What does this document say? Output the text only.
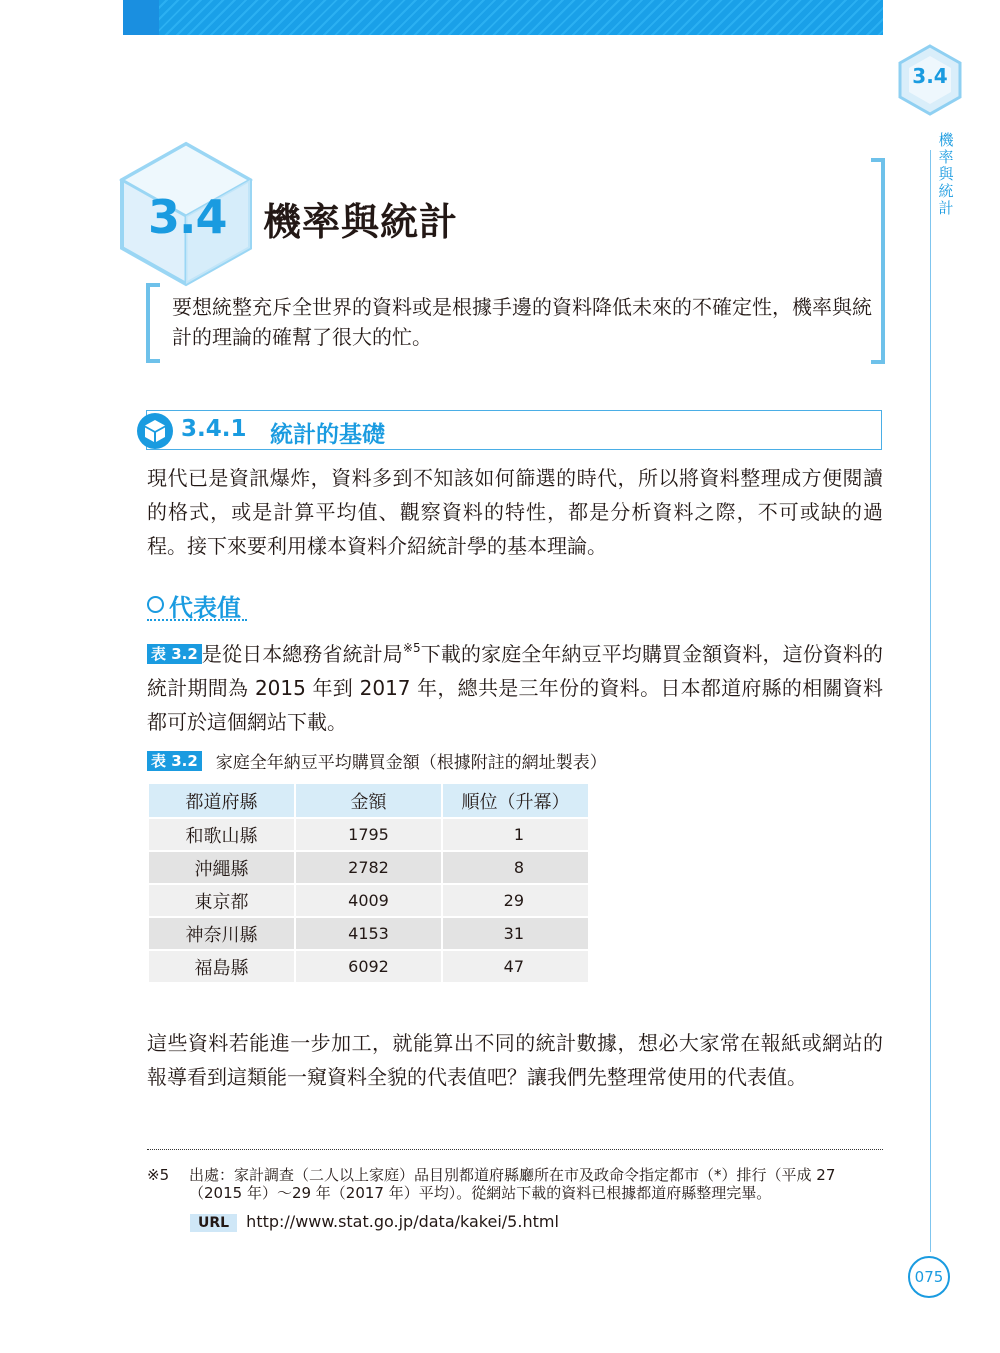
3.4
機
率
與
統
計
075
3.4 機率與統計
要想統整充斥全世界的資料或是根據手邊的資料降低未來的不確定性，機率與統計的理論的確幫了很大的忙。
3.4.1 統計的基礎
現代已是資訊爆炸，資料多到不知該如何篩選的時代，所以將資料整理成方便閱讀的格式，或是計算平均值、觀察資料的特性，都是分析資料之際，不可或缺的過程。接下來要利用樣本資料介紹統計學的基本理論。
代表值
表 3.2 是從日本總務省統計局$^{※5}$下載的家庭全年納豆平均購買金額資料，這份資料的統計期間為 2015 年到 2017 年，總共是三年份的資料。日本都道府縣的相關資料都可於這個網站下載。
表 3.2 家庭全年納豆平均購買金額（根據附註的網址製表）
都道府縣	金額	順位（升冪）
和歌山縣	1795	1
沖繩縣	2782	8
東京都	4009	29
神奈川縣	4153	31
福島縣	6092	47
這些資料若能進一步加工，就能算出不同的統計數據，想必大家常在報紙或網站的報導看到這類能一窺資料全貌的代表值吧？讓我們先整理常使用的代表值。
※5 出處：家計調查（二人以上家庭）品目別都道府縣廳所在市及政命令指定都市（*）排行（平成 27（2015 年）～29 年（2017 年）平均）。從網站下載的資料已根據都道府縣整理完畢。
URL http://www.stat.go.jp/data/kakei/5.html
